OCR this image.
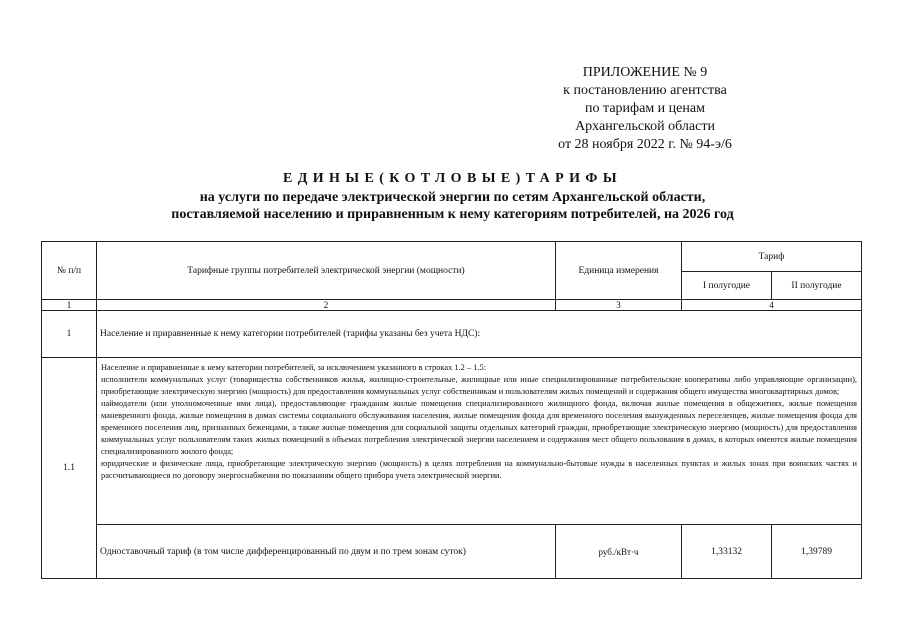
ПРИЛОЖЕНИЕ № 9
к постановлению агентства
по тарифам и ценам
Архангельской области
от 28 ноября 2022 г. № 94-э/6
ЕДИНЫЕ(КОТЛОВЫЕ)ТАРИФЫ
на услуги по передаче электрической энергии по сетям Архангельской области,
поставляемой населению и приравненным к нему категориям потребителей, на 2026 год
№ п/п	Тарифные группы потребителей электрической энергии (мощности)	Единица измерения	Тариф	
			I полугодие	II полугодие
1	2	3	4	
1	Население и приравненные к нему категории потребителей (тарифы указаны без учета НДС):			
1.1	Население и приравненные к нему категории потребителей, за исключением указанного в строках 1.2 – 1.5:

исполнители коммунальных услуг (товарищества собственников жилья, жилищно-строительные, жилищные или иные специализированные потребительские кооперативы либо управляющие организации), приобретающие электрическую энергию (мощность) для предоставления коммунальных услуг собственникам и пользователям жилых помещений и содержания общего имущества многоквартирных домов;

наймодатели (или уполномоченные ими лица), предоставляющие гражданам жилые помещения специализированного жилищного фонда, включая жилые помещения в общежитиях, жилые помещения маневренного фонда, жилые помещения в домах системы социального обслуживания населения, жилые помещения фонда для временного поселения вынужденных переселенцев, жилые помещения фонда для временного поселения лиц, признанных беженцами, а также жилые помещения для социальной защиты отдельных категорий граждан, приобретающие электрическую энергию (мощность) для предоставления коммунальных услуг пользователям таких жилых помещений в объемах потребления электрической энергии населением и содержания мест общего пользования в домах, в которых имеются жилые помещения специализированного жилого фонда;

юридические и физические лица, приобретающие электрическую энергию (мощность) в целях потребления на коммунально-бытовые нужды в населенных пунктах и жилых зонах при воинских частях и рассчитывающиеся по договору энергоснабжения по показаниям общего прибора учета электрической энергии.			

	Одноставочный тариф (в том числе дифференцированный по двум и по трем зонам суток)	руб./кВт·ч	1,33132	1,39789
